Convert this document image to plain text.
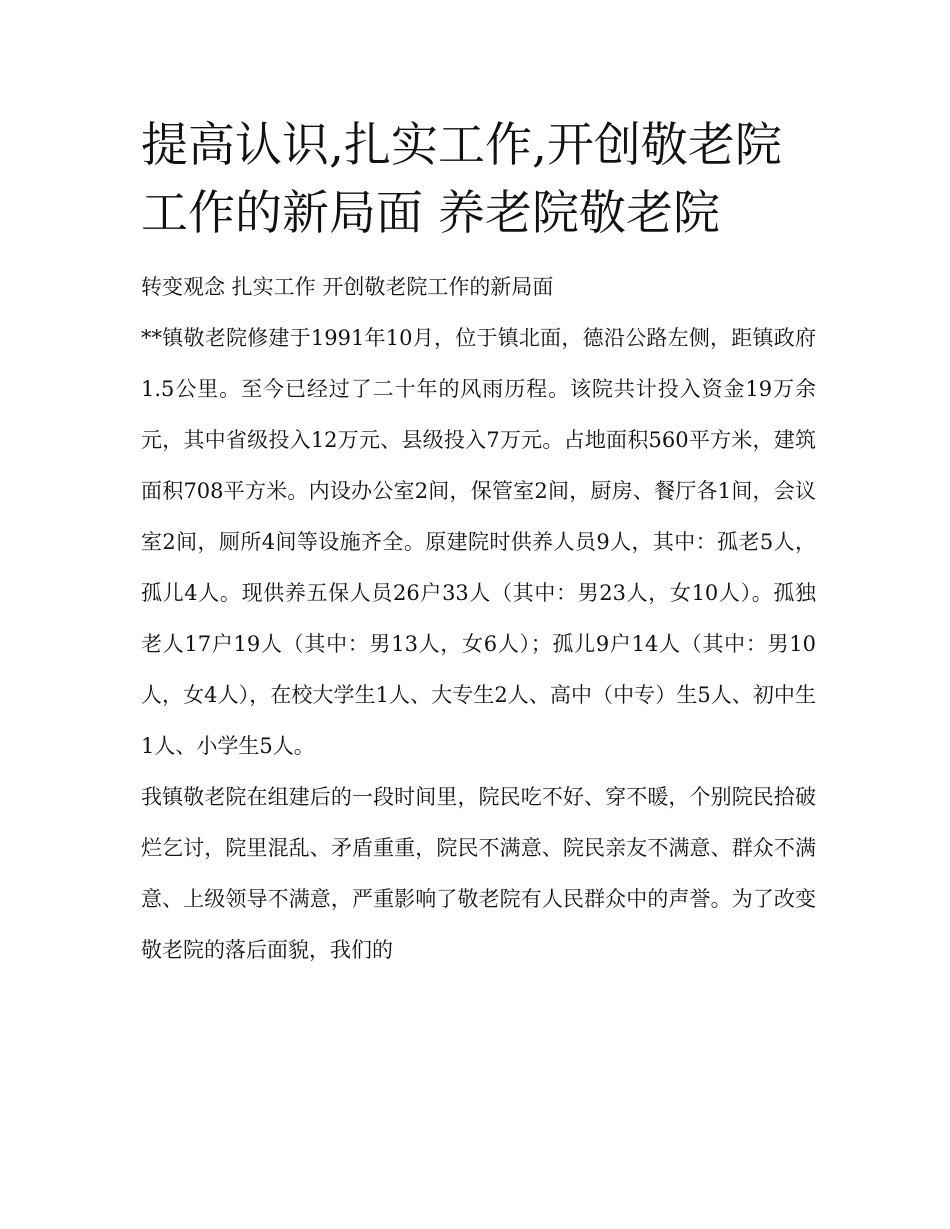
提高认识,扎实工作,开创敬老院工作的新局面 养老院敬老院

转变观念 扎实工作 开创敬老院工作的新局面

**镇敬老院修建于1991年10月，位于镇北面，德沿公路左侧，距镇政府1.5公里。至今已经过了二十年的风雨历程。该院共计投入资金19万余元，其中省级投入12万元、县级投入7万元。占地面积560平方米，建筑面积708平方米。内设办公室2间，保管室2间，厨房、餐厅各1间，会议室2间，厕所4间等设施齐全。原建院时供养人员9人，其中：孤老5人，孤儿4人。现供养五保人员26户33人（其中：男23人，女10人）。孤独老人17户19人（其中：男13人，女6人）；孤儿9户14人（其中：男10人，女4人），在校大学生1人、大专生2人、高中（中专）生5人、初中生1人、小学生5人。

我镇敬老院在组建后的一段时间里，院民吃不好、穿不暖，个别院民拾破烂乞讨，院里混乱、矛盾重重，院民不满意、院民亲友不满意、群众不满意、上级领导不满意，严重影响了敬老院有人民群众中的声誉。为了改变敬老院的落后面貌，我们的
